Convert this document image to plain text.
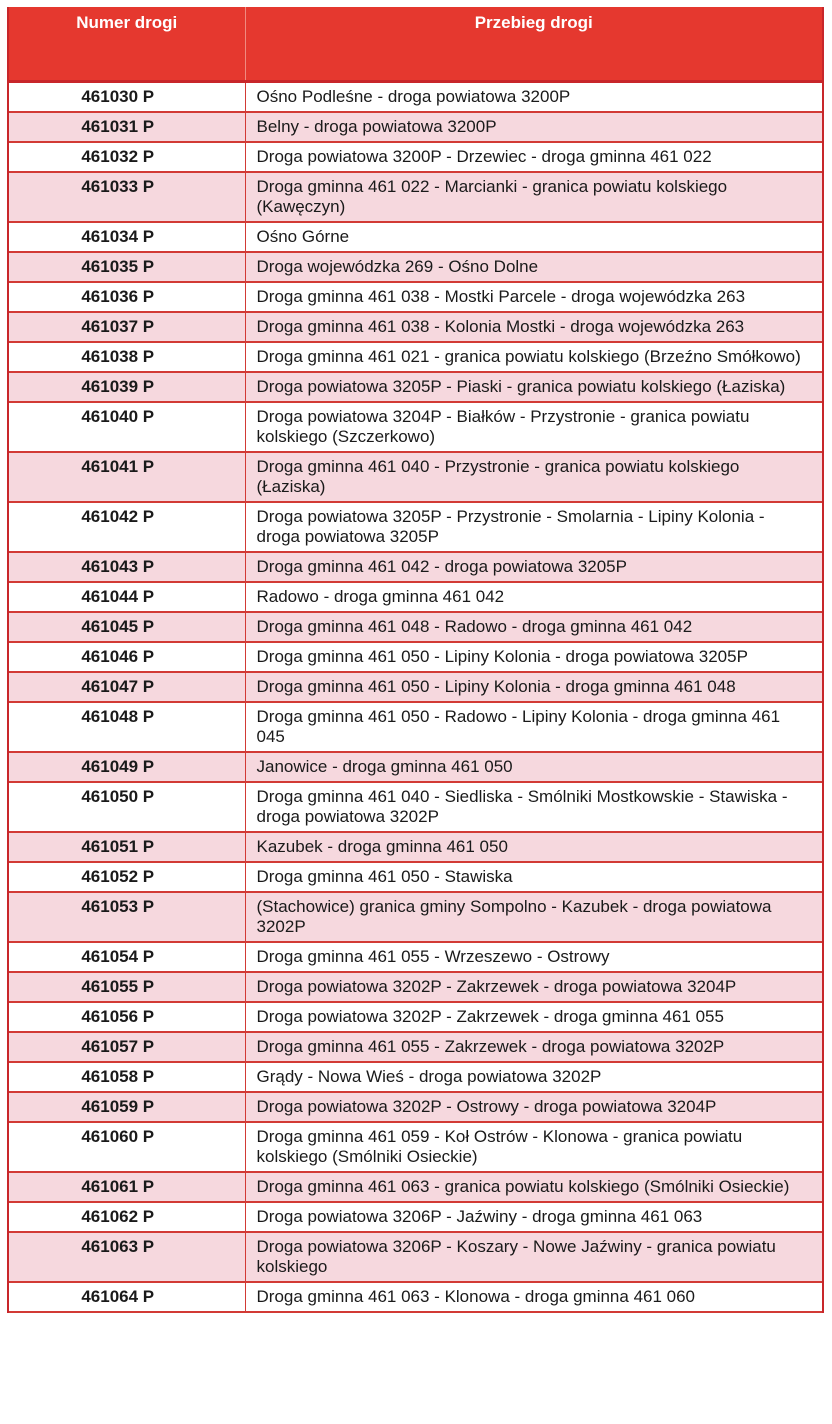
Numer drogi	Przebieg drogi
461030 P	Ośno Podleśne - droga powiatowa 3200P
461031 P	Belny - droga powiatowa 3200P
461032 P	Droga powiatowa 3200P - Drzewiec - droga gminna 461 022
461033 P	Droga gminna 461 022 - Marcianki - granica powiatu kolskiego (Kawęczyn)
461034 P	Ośno Górne
461035 P	Droga wojewódzka 269 - Ośno Dolne
461036 P	Droga gminna 461 038 - Mostki Parcele - droga wojewódzka 263
461037 P	Droga gminna 461 038 - Kolonia Mostki - droga wojewódzka 263
461038 P	Droga gminna 461 021 - granica powiatu kolskiego (Brzeźno Smółkowo)
461039 P	Droga powiatowa 3205P - Piaski - granica powiatu kolskiego (Łaziska)
461040 P	Droga powiatowa 3204P - Białków - Przystronie - granica powiatu kolskiego (Szczerkowo)
461041 P	Droga gminna 461 040 - Przystronie - granica powiatu kolskiego (Łaziska)
461042 P	Droga powiatowa 3205P - Przystronie - Smolarnia - Lipiny Kolonia - droga powiatowa 3205P
461043 P	Droga gminna 461 042 - droga powiatowa 3205P
461044 P	Radowo - droga gminna 461 042
461045 P	Droga gminna 461 048 - Radowo - droga gminna 461 042
461046 P	Droga gminna 461 050 - Lipiny Kolonia - droga powiatowa 3205P
461047 P	Droga gminna 461 050 - Lipiny Kolonia - droga gminna 461 048
461048 P	Droga gminna 461 050 - Radowo - Lipiny Kolonia - droga gminna 461 045
461049 P	Janowice - droga gminna 461 050
461050 P	Droga gminna 461 040 - Siedliska - Smólniki Mostkowskie - Stawiska - droga powiatowa 3202P
461051 P	Kazubek - droga gminna 461 050
461052 P	Droga gminna 461 050 - Stawiska
461053 P	(Stachowice) granica gminy Sompolno - Kazubek - droga powiatowa 3202P
461054 P	Droga gminna 461 055 - Wrzeszewo - Ostrowy
461055 P	Droga powiatowa 3202P - Zakrzewek - droga powiatowa 3204P
461056 P	Droga powiatowa 3202P - Zakrzewek - droga gminna 461 055
461057 P	Droga gminna 461 055 - Zakrzewek - droga powiatowa 3202P
461058 P	Grądy - Nowa Wieś - droga powiatowa 3202P
461059 P	Droga powiatowa 3202P - Ostrowy - droga powiatowa 3204P
461060 P	Droga gminna 461 059 - Koł Ostrów - Klonowa - granica powiatu kolskiego (Smólniki Osieckie)
461061 P	Droga gminna 461 063 - granica powiatu kolskiego (Smólniki Osieckie)
461062 P	Droga powiatowa 3206P - Jaźwiny - droga gminna 461 063
461063 P	Droga powiatowa 3206P - Koszary - Nowe Jaźwiny - granica powiatu kolskiego
461064 P	Droga gminna 461 063 - Klonowa - droga gminna 461 060
